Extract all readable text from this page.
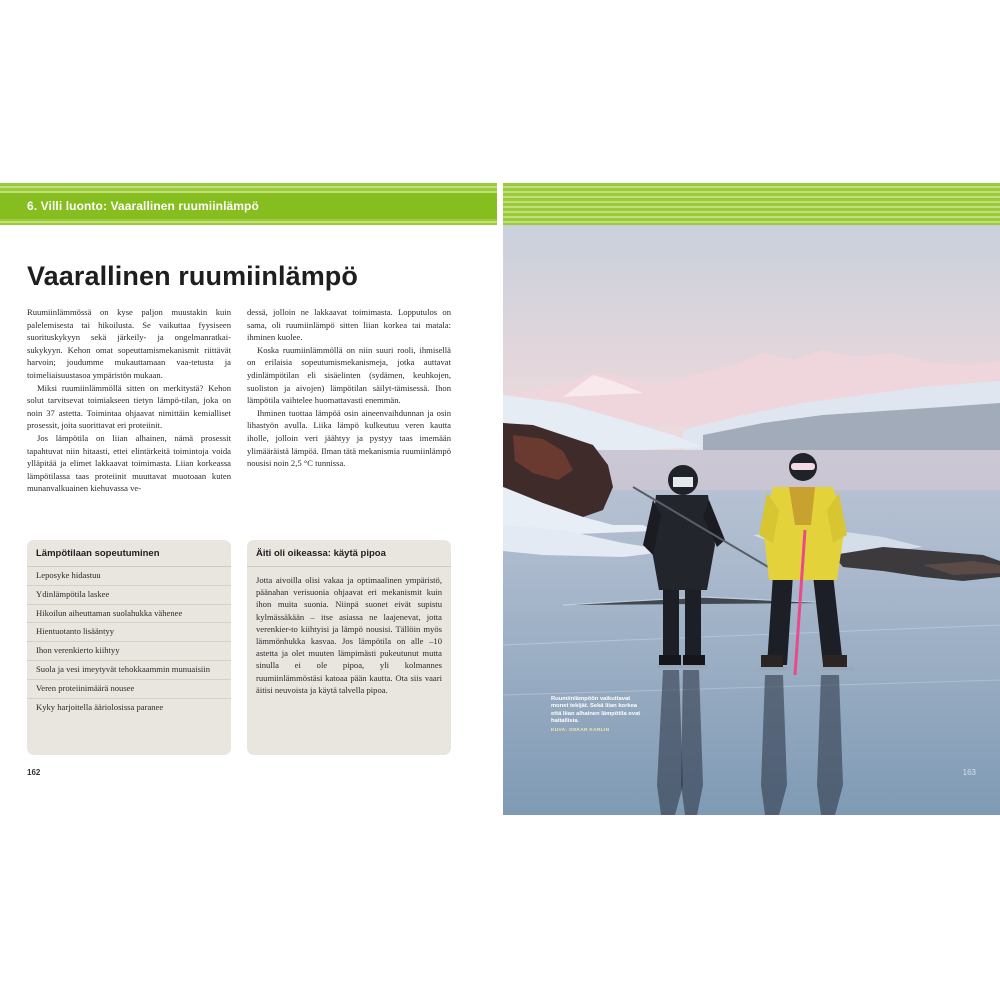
6. Villi luonto: Vaarallinen ruumiinlämpö
Vaarallinen ruumiinlämpö

Ruumiinlämmössä on kyse paljon muustakin kuin palelemisesta tai hikoilusta. Se vaikuttaa fyysiseen suorituskykyyn sekä järkeily- ja ongelmanratkai-sukykyyn. Kehon omat sopeuttamismekanismit riittävät harvoin; joudumme mukauttamaan vaa-tetusta ja toimeliaisuustasoa ympäristön mukaan.

Miksi ruumiinlämmöllä sitten on merkitystä? Kehon solut tarvitsevat toimiakseen tietyn lämpö-tilan, joka on noin 37 astetta. Toimintaa ohjaavat nimittäin kemialliset prosessit, joita suorittavat eri proteiinit.

Jos lämpötila on liian alhainen, nämä prosessit tapahtuvat niin hitaasti, ettei elintärkeitä toimintoja voida ylläpitää ja elimet lakkaavat toimimasta. Liian korkeassa lämpötilassa taas proteiinit muuttavat muotoaan kuten munanvalkuainen kiehuvassa ve-

dessä, jolloin ne lakkaavat toimimasta. Lopputulos on sama, oli ruumiinlämpö sitten liian korkea tai matala: ihminen kuolee.

Koska ruumiinlämmöllä on niin suuri rooli, ihmisellä on erilaisia sopeutumismekanismeja, jotka auttavat ydinlämpötilan eli sisäelinten (sydämen, keuhkojen, suoliston ja aivojen) lämpötilan säilyt-tämisessä. Ihon lämpötila vaihtelee huomattavasti enemmän.

Ihminen tuottaa lämpöä osin aineenvaihdunnan ja osin lihastyön avulla. Liika lämpö kulkeutuu veren kautta iholle, jolloin veri jäähtyy ja pystyy taas imemään ylimääräistä lämpöä. Ilman tätä mekanismia ruumiinlämpö nousisi noin 2,5 °C tunnissa.

Lämpötilaan sopeutuminen
Leposyke hidastuu
Ydinlämpötila laskee
Hikoilun aiheuttaman suolahukka vähenee
Hientuotanto lisääntyy
Ihon verenkierto kiihtyy
Suola ja vesi imeytyvät tehokkaammin munuaisiin
Veren proteiinimäärä nousee
Kyky harjoitella ääriolosissa paranee
Äiti oli oikeassa: käytä pipoa
Jotta aivoilla olisi vakaa ja optimaalinen ympäristö, päänahan verisuonia ohjaavat eri mekanismit kuin ihon muita suonia. Niinpä suonet eivät supistu kylmässäkään – itse asiassa ne laajenevat, jotta verenkier-to kiihtyisi ja lämpö nousisi. Tällöin myös lämmönhukka kasvaa. Jos lämpötila on alle –10 astetta ja olet muuten lämpimästi pukeutunut mutta sinulla ei ole pipoa, yli kolmannes ruumiinlämmöstäsi katoaa pään kautta. Ota siis vaari äitisi neuvoista ja käytä talvella pipoa.
162
Ruumiinlämpöön vaikuttavat monet tekijät. Sekä liian korkea että liian alhainen lämpötila ovat haitallisia.
KUVA: OSKAR KARLIN
163
